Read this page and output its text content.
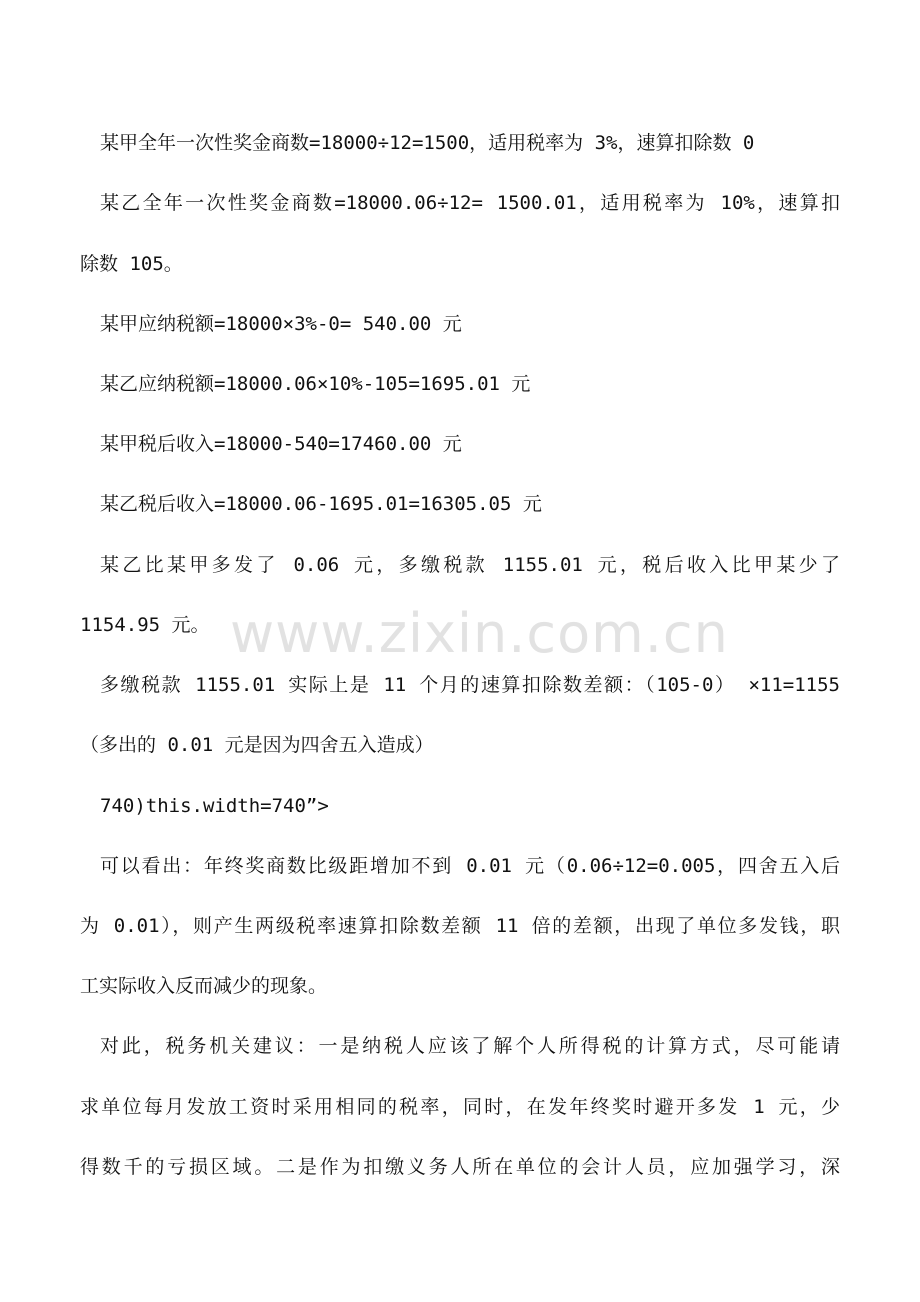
某甲全年一次性奖金商数=18000÷12=1500，适用税率为 3%，速算扣除数 0
某乙全年一次性奖金商数=18000.06÷12= 1500.01，适用税率为 10%，速算扣
除数 105。
某甲应纳税额=18000×3%-0= 540.00 元
某乙应纳税额=18000.06×10%-105=1695.01 元
某甲税后收入=18000-540=17460.00 元
某乙税后收入=18000.06-1695.01=16305.05 元
某乙比某甲多发了 0.06 元，多缴税款 1155.01 元，税后收入比甲某少了
1154.95 元。
多缴税款 1155.01 实际上是 11 个月的速算扣除数差额：（105-0） ×11=1155
（多出的 0.01 元是因为四舍五入造成）
740)this.width=740”>
可以看出：年终奖商数比级距增加不到 0.01 元（0.06÷12=0.005，四舍五入后
为 0.01），则产生两级税率速算扣除数差额 11 倍的差额，出现了单位多发钱，职
工实际收入反而减少的现象。
对此，税务机关建议：一是纳税人应该了解个人所得税的计算方式，尽可能请
求单位每月发放工资时采用相同的税率，同时，在发年终奖时避开多发 1 元，少
得数千的亏损区域。二是作为扣缴义务人所在单位的会计人员，应加强学习，深
www.zixin.com.cn
